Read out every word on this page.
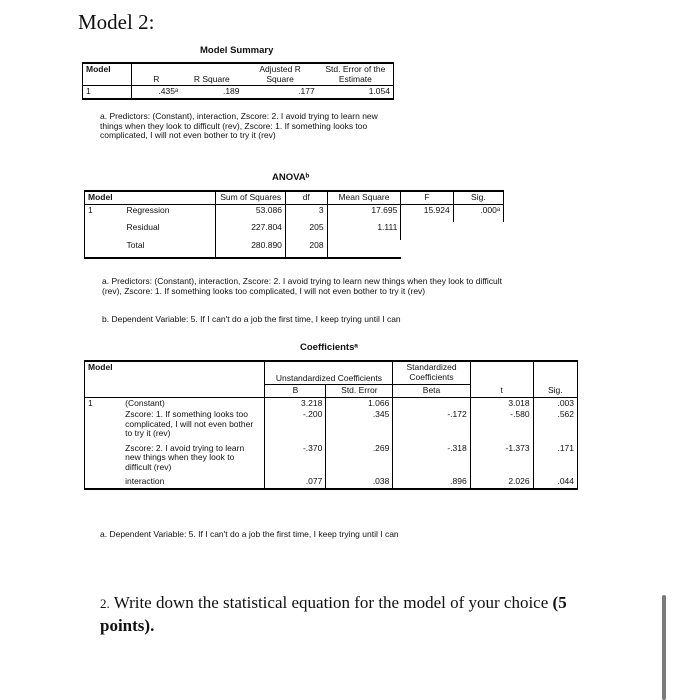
Model 2:
Model Summary
Model	R	R Square	Adjusted R Square	Std. Error of the Estimate
1	.435ᵃ	.189	.177	1.054
a. Predictors: (Constant), interaction, Zscore: 2. I avoid trying to learn new things when they look to difficult (rev), Zscore: 1. If something looks too complicated, I will not even bother to try it (rev)
ANOVAᵇ
Model		Sum of Squares	df	Mean Square	F	Sig.
1	Regression	53.086	3	17.695	15.924	.000ᵃ
	Residual	227.804	205	1.111		
	Total	280.890	208			
a. Predictors: (Constant), interaction, Zscore: 2. I avoid trying to learn new things when they look to difficult (rev), Zscore: 1. If something looks too complicated, I will not even bother to try it (rev)
b. Dependent Variable: 5. If I can't do a job the first time, I keep trying until I can
Coefficientsᵃ
Model		Unstandardized Coefficients		Standardized Coefficients	t	Sig.
		B	Std. Error	Beta		
1	(Constant)	3.218	1.066		3.018	.003
	Zscore: 1. If something looks too complicated, I will not even bother to try it (rev)	-.200	.345	-.172	-.580	.562
	Zscore: 2. I avoid trying to learn new things when they look to difficult (rev)	-.370	.269	-.318	-1.373	.171
	interaction	.077	.038	.896	2.026	.044
a. Dependent Variable: 5. If I can't do a job the first time, I keep trying until I can
2. Write down the statistical equation for the model of your choice (5 points).
